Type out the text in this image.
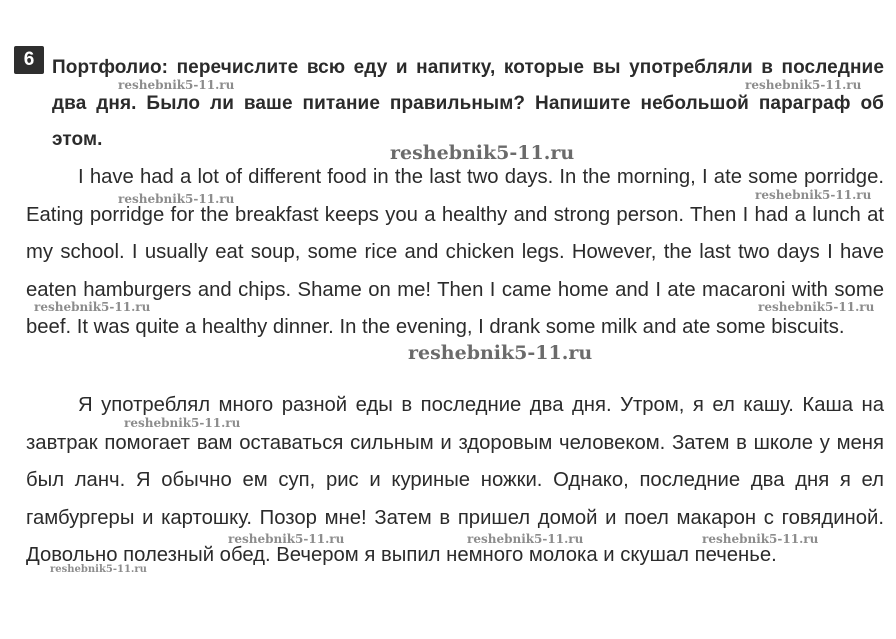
6 Портфолио: перечислите всю еду и напитку, которые вы употребляли в последние два дня. Было ли ваше питание правильным? Напишите небольшой параграф об этом.
I have had a lot of different food in the last two days. In the morning, I ate some porridge. Eating porridge for the breakfast keeps you a healthy and strong person. Then I had a lunch at my school. I usually eat soup, some rice and chicken legs. However, the last two days I have eaten hamburgers and chips. Shame on me! Then I came home and I ate macaroni with some beef. It was quite a healthy dinner. In the evening, I drank some milk and ate some biscuits.
Я употреблял много разной еды в последние два дня. Утром, я ел кашу. Каша на завтрак помогает вам оставаться сильным и здоровым человеком. Затем в школе у меня был ланч. Я обычно ем суп, рис и куриные ножки. Однако, последние два дня я ел гамбургеры и картошку. Позор мне! Затем в пришел домой и поел макарон с говядиной. Довольно полезный обед. Вечером я выпил немного молока и скушал печенье.
reshebnik5-11.ru	reshebnik5-11.ru
reshebnik5-11.ru
reshebnik5-11.ru	reshebnik5-11.ru
reshebnik5-11.ru	reshebnik5-11.ru
reshebnik5-11.ru
reshebnik5-11.ru
reshebnik5-11.ru	reshebnik5-11.ru	reshebnik5-11.ru
reshebnik5-11.ru
